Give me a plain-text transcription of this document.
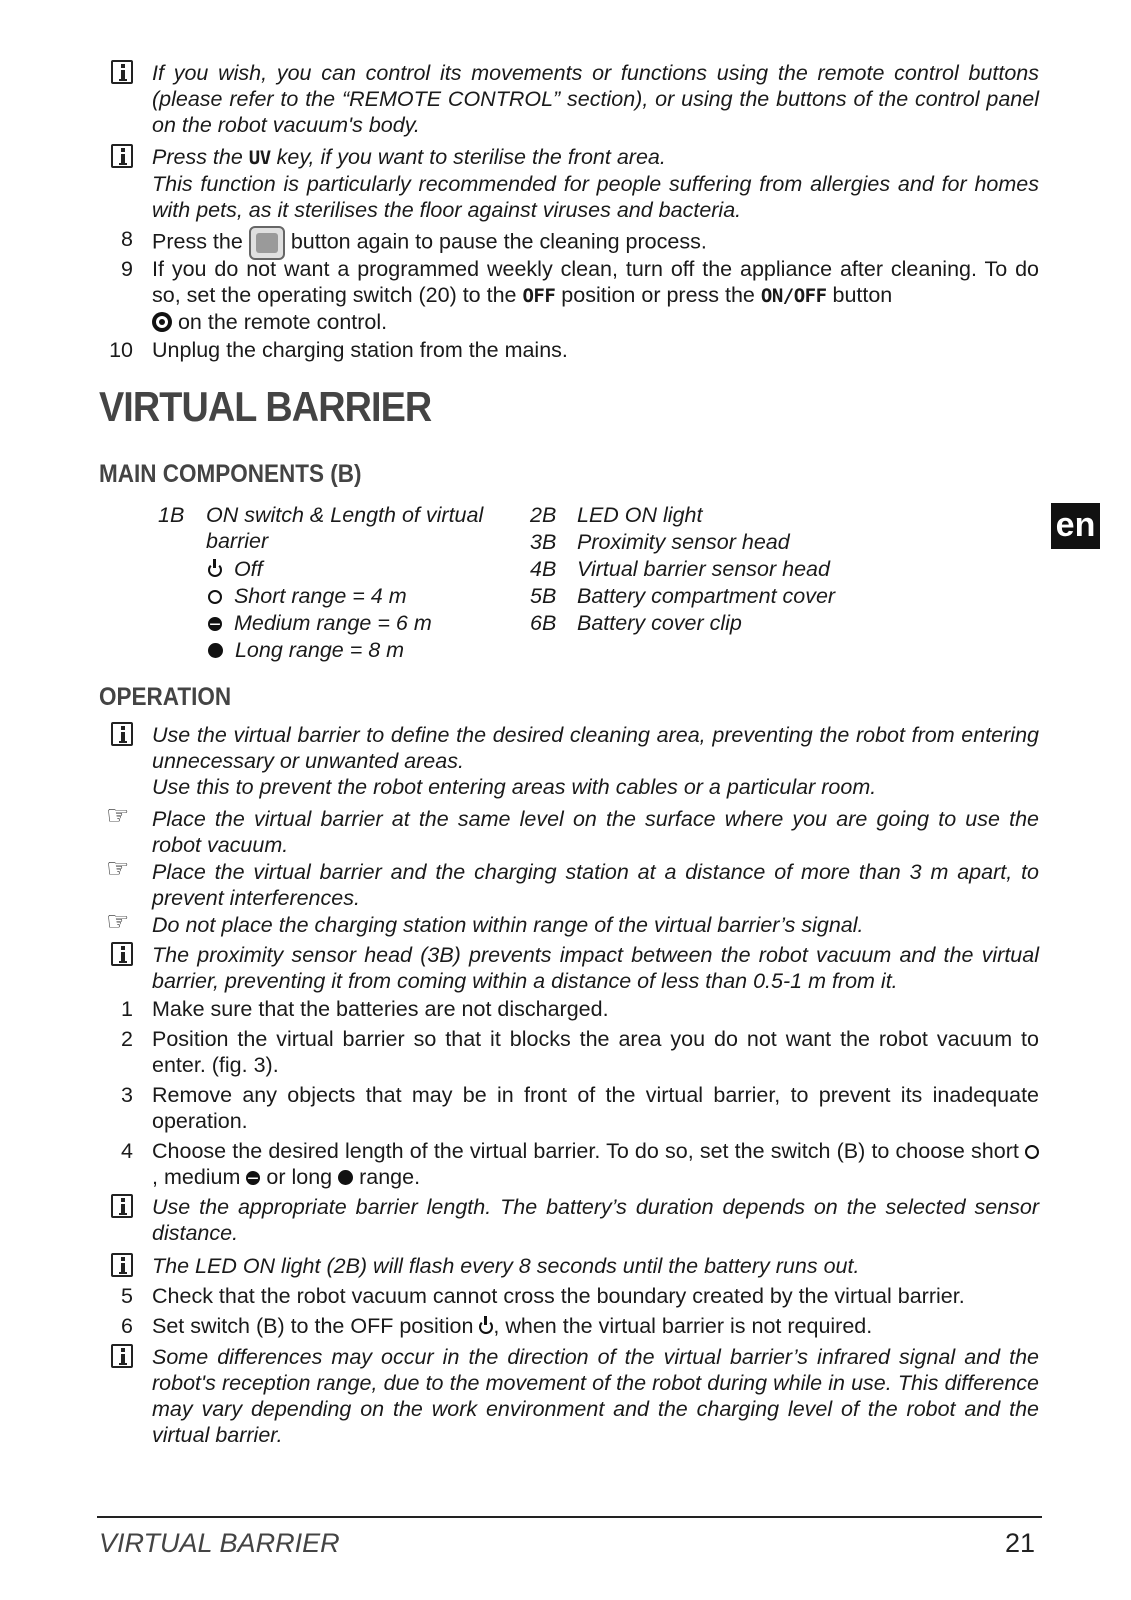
If you wish, you can control its movements or functions using the remote control buttons (please refer to the “REMOTE CONTROL” section), or using the buttons of the control panel on the robot vacuum's body.
Press the UV key, if you want to sterilise the front area.
This function is particularly recommended for people suffering from allergies and for homes with pets, as it sterilises the floor against viruses and bacteria.
8 Press the button again to pause the cleaning process.
9 If you do not want a programmed weekly clean, turn off the appliance after cleaning. To do so, set the operating switch (20) to the OFF position or press the ON/OFF button
on the remote control.
10 Unplug the charging station from the mains.
VIRTUAL BARRIER
MAIN COMPONENTS (B)
1B ON switch & Length of virtual barrier
Off
Short range = 4 m
Medium range = 6 m
Long range = 8 m
2B LED ON light
3B Proximity sensor head
4B Virtual barrier sensor head
5B Battery compartment cover
6B Battery cover clip
en
OPERATION
Use the virtual barrier to define the desired cleaning area, preventing the robot from entering unnecessary or unwanted areas.
Use this to prevent the robot entering areas with cables or a particular room.
☞ Place the virtual barrier at the same level on the surface where you are going to use the robot vacuum.
☞ Place the virtual barrier and the charging station at a distance of more than 3 m apart, to prevent interferences.
☞ Do not place the charging station within range of the virtual barrier’s signal.
The proximity sensor head (3B) prevents impact between the robot vacuum and the virtual barrier, preventing it from coming within a distance of less than 0.5-1 m from it.
1 Make sure that the batteries are not discharged.
2 Position the virtual barrier so that it blocks the area you do not want the robot vacuum to enter. (fig. 3).
3 Remove any objects that may be in front of the virtual barrier, to prevent its inadequate operation.
4 Choose the desired length of the virtual barrier. To do so, set the switch (B) to choose short , medium or long range.
Use the appropriate barrier length. The battery’s duration depends on the selected sensor distance.
The LED ON light (2B) will flash every 8 seconds until the battery runs out.
5 Check that the robot vacuum cannot cross the boundary created by the virtual barrier.
6 Set switch (B) to the OFF position , when the virtual barrier is not required.
Some differences may occur in the direction of the virtual barrier’s infrared signal and the robot's reception range, due to the movement of the robot during while in use. This difference may vary depending on the work environment and the charging level of the robot and the virtual barrier.
VIRTUAL BARRIER	21
